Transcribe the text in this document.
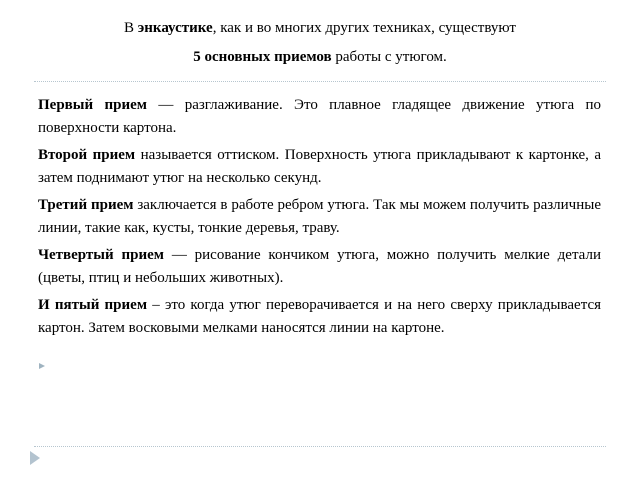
В энкаустике, как и во многих других техниках, существуют
5 основных приемов работы с утюгом.

Первый прием — разглаживание. Это плавное гладящее движение утюга по поверхности картона.

Второй прием называется оттиском. Поверхность утюга прикладывают к картонке, а затем поднимают утюг на несколько секунд.

Третий прием заключается в работе ребром утюга. Так мы можем получить различные линии, такие как, кусты, тонкие деревья, траву.

Четвертый прием — рисование кончиком утюга, можно получить мелкие детали (цветы, птиц и небольших животных).

И пятый прием – это когда утюг переворачивается и на него сверху прикладывается картон. Затем восковыми мелками наносятся линии на картоне.
